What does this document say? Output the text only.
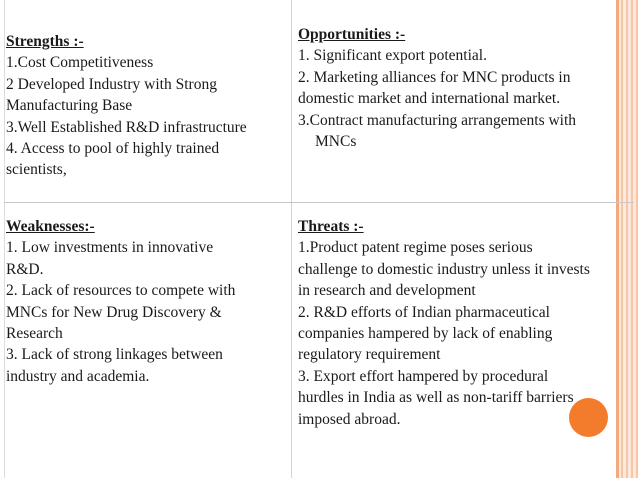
Strengths :-
1.Cost Competitiveness
2 Developed Industry with Strong
Manufacturing Base
3.Well Established R&D infrastructure
4. Access to pool of highly trained
scientists,
Opportunities :-
1. Significant export potential.
2. Marketing alliances for MNC products in
domestic market and international market.
3.Contract manufacturing arrangements with
MNCs
Weaknesses:-
1. Low investments in innovative
R&D.
2. Lack of resources to compete with
MNCs for New Drug Discovery &
Research
3. Lack of strong linkages between
industry and academia.
Threats :-
1.Product patent regime poses serious
challenge to domestic industry unless it invests
in research and development
2. R&D efforts of Indian pharmaceutical
companies hampered by lack of enabling
regulatory requirement
3. Export effort hampered by procedural
hurdles in India as well as non-tariff barriers
imposed abroad.
